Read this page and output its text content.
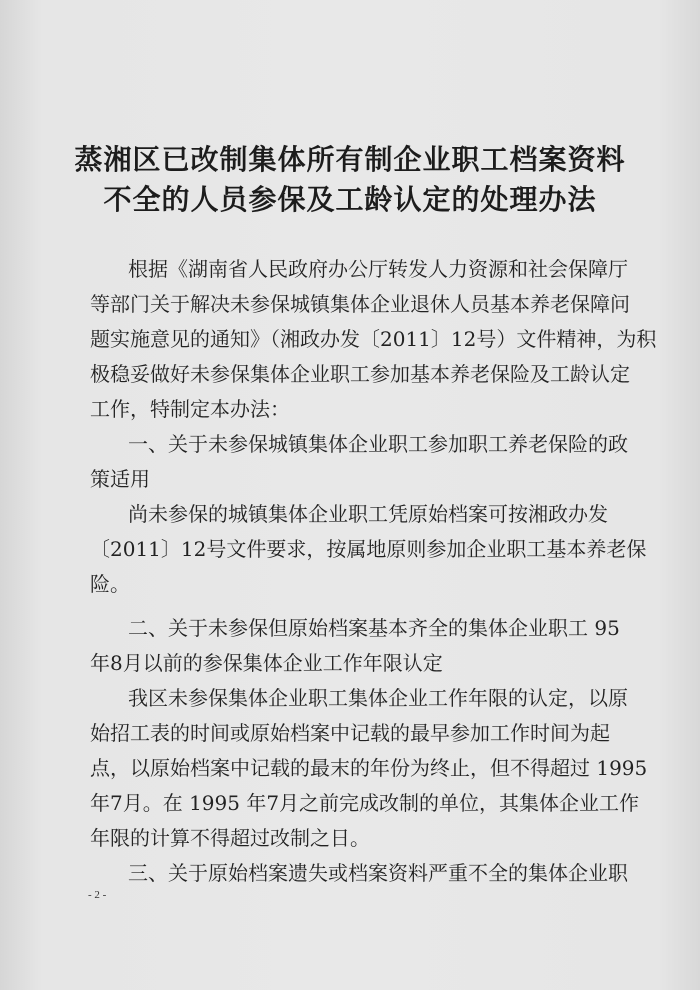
蒸湘区已改制集体所有制企业职工档案资料
不全的人员参保及工龄认定的处理办法
根据《湖南省人民政府办公厅转发人力资源和社会保障厅
等部门关于解决未参保城镇集体企业退休人员基本养老保障问
题实施意见的通知》（湘政办发〔2011〕12号）文件精神，为积
极稳妥做好未参保集体企业职工参加基本养老保险及工龄认定
工作，特制定本办法：
一、关于未参保城镇集体企业职工参加职工养老保险的政
策适用
尚未参保的城镇集体企业职工凭原始档案可按湘政办发
〔2011〕12号文件要求，按属地原则参加企业职工基本养老保
险。
二、关于未参保但原始档案基本齐全的集体企业职工 95
年8月以前的参保集体企业工作年限认定
我区未参保集体企业职工集体企业工作年限的认定，以原
始招工表的时间或原始档案中记载的最早参加工作时间为起
点，以原始档案中记载的最末的年份为终止，但不得超过 1995
年7月。在 1995 年7月之前完成改制的单位，其集体企业工作
年限的计算不得超过改制之日。
三、关于原始档案遗失或档案资料严重不全的集体企业职
- 2 -
